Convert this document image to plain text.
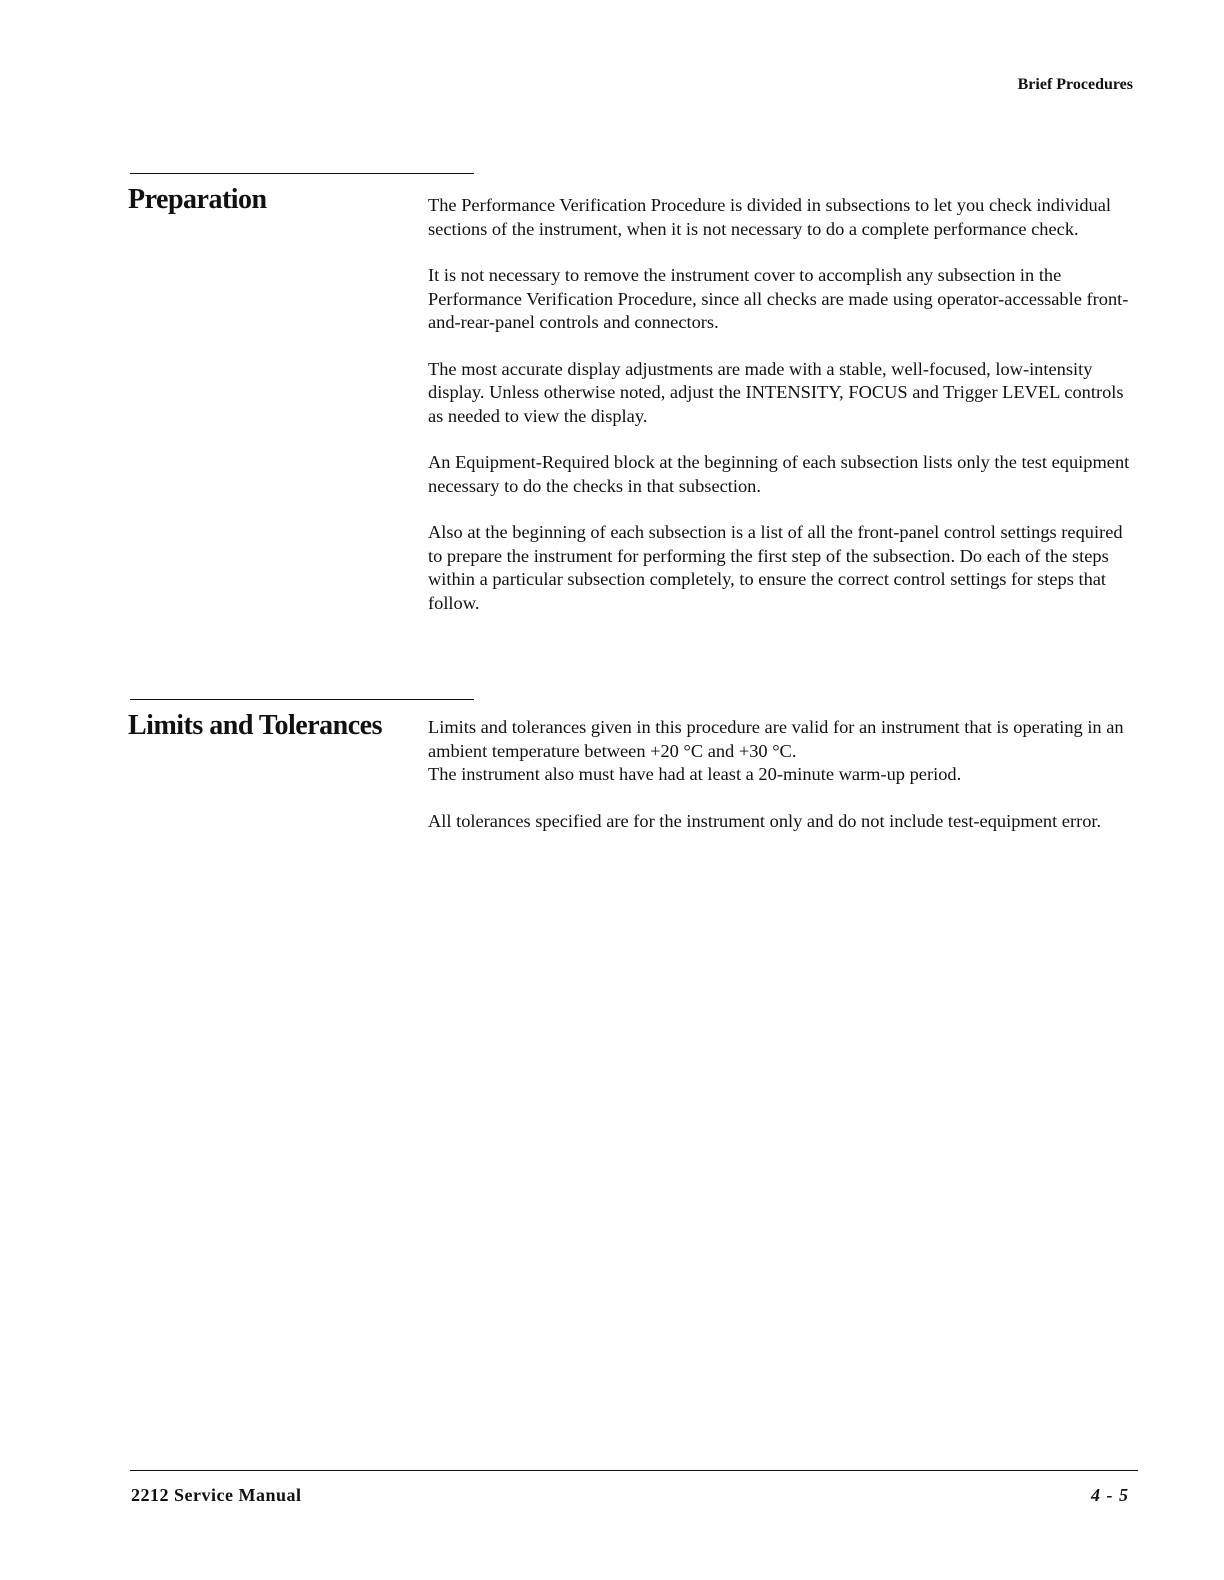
Brief Procedures
Preparation	The Performance Verification Procedure is divided in subsections to let you check individual sections of the instrument, when it is not necessary to do a complete performance check.

It is not necessary to remove the instrument cover to accomplish any subsection in the Performance Verification Procedure, since all checks are made using operator-accessable front-and-rear-panel controls and connectors.

The most accurate display adjustments are made with a stable, well-focused, low-intensity display. Unless otherwise noted, adjust the INTENSITY, FOCUS and Trigger LEVEL controls as needed to view the display.

An Equipment-Required block at the beginning of each subsection lists only the test equipment necessary to do the checks in that subsection.

Also at the beginning of each subsection is a list of all the front-panel control settings required to prepare the instrument for performing the first step of the subsection. Do each of the steps within a particular subsection completely, to ensure the correct control settings for steps that follow.

Limits and Tolerances	Limits and tolerances given in this procedure are valid for an instrument that is operating in an ambient temperature between +20 °C and +30 °C.

The instrument also must have had at least a 20-minute warm-up period.

All tolerances specified are for the instrument only and do not include test-equipment error.

2212 Service Manual	4 - 5
